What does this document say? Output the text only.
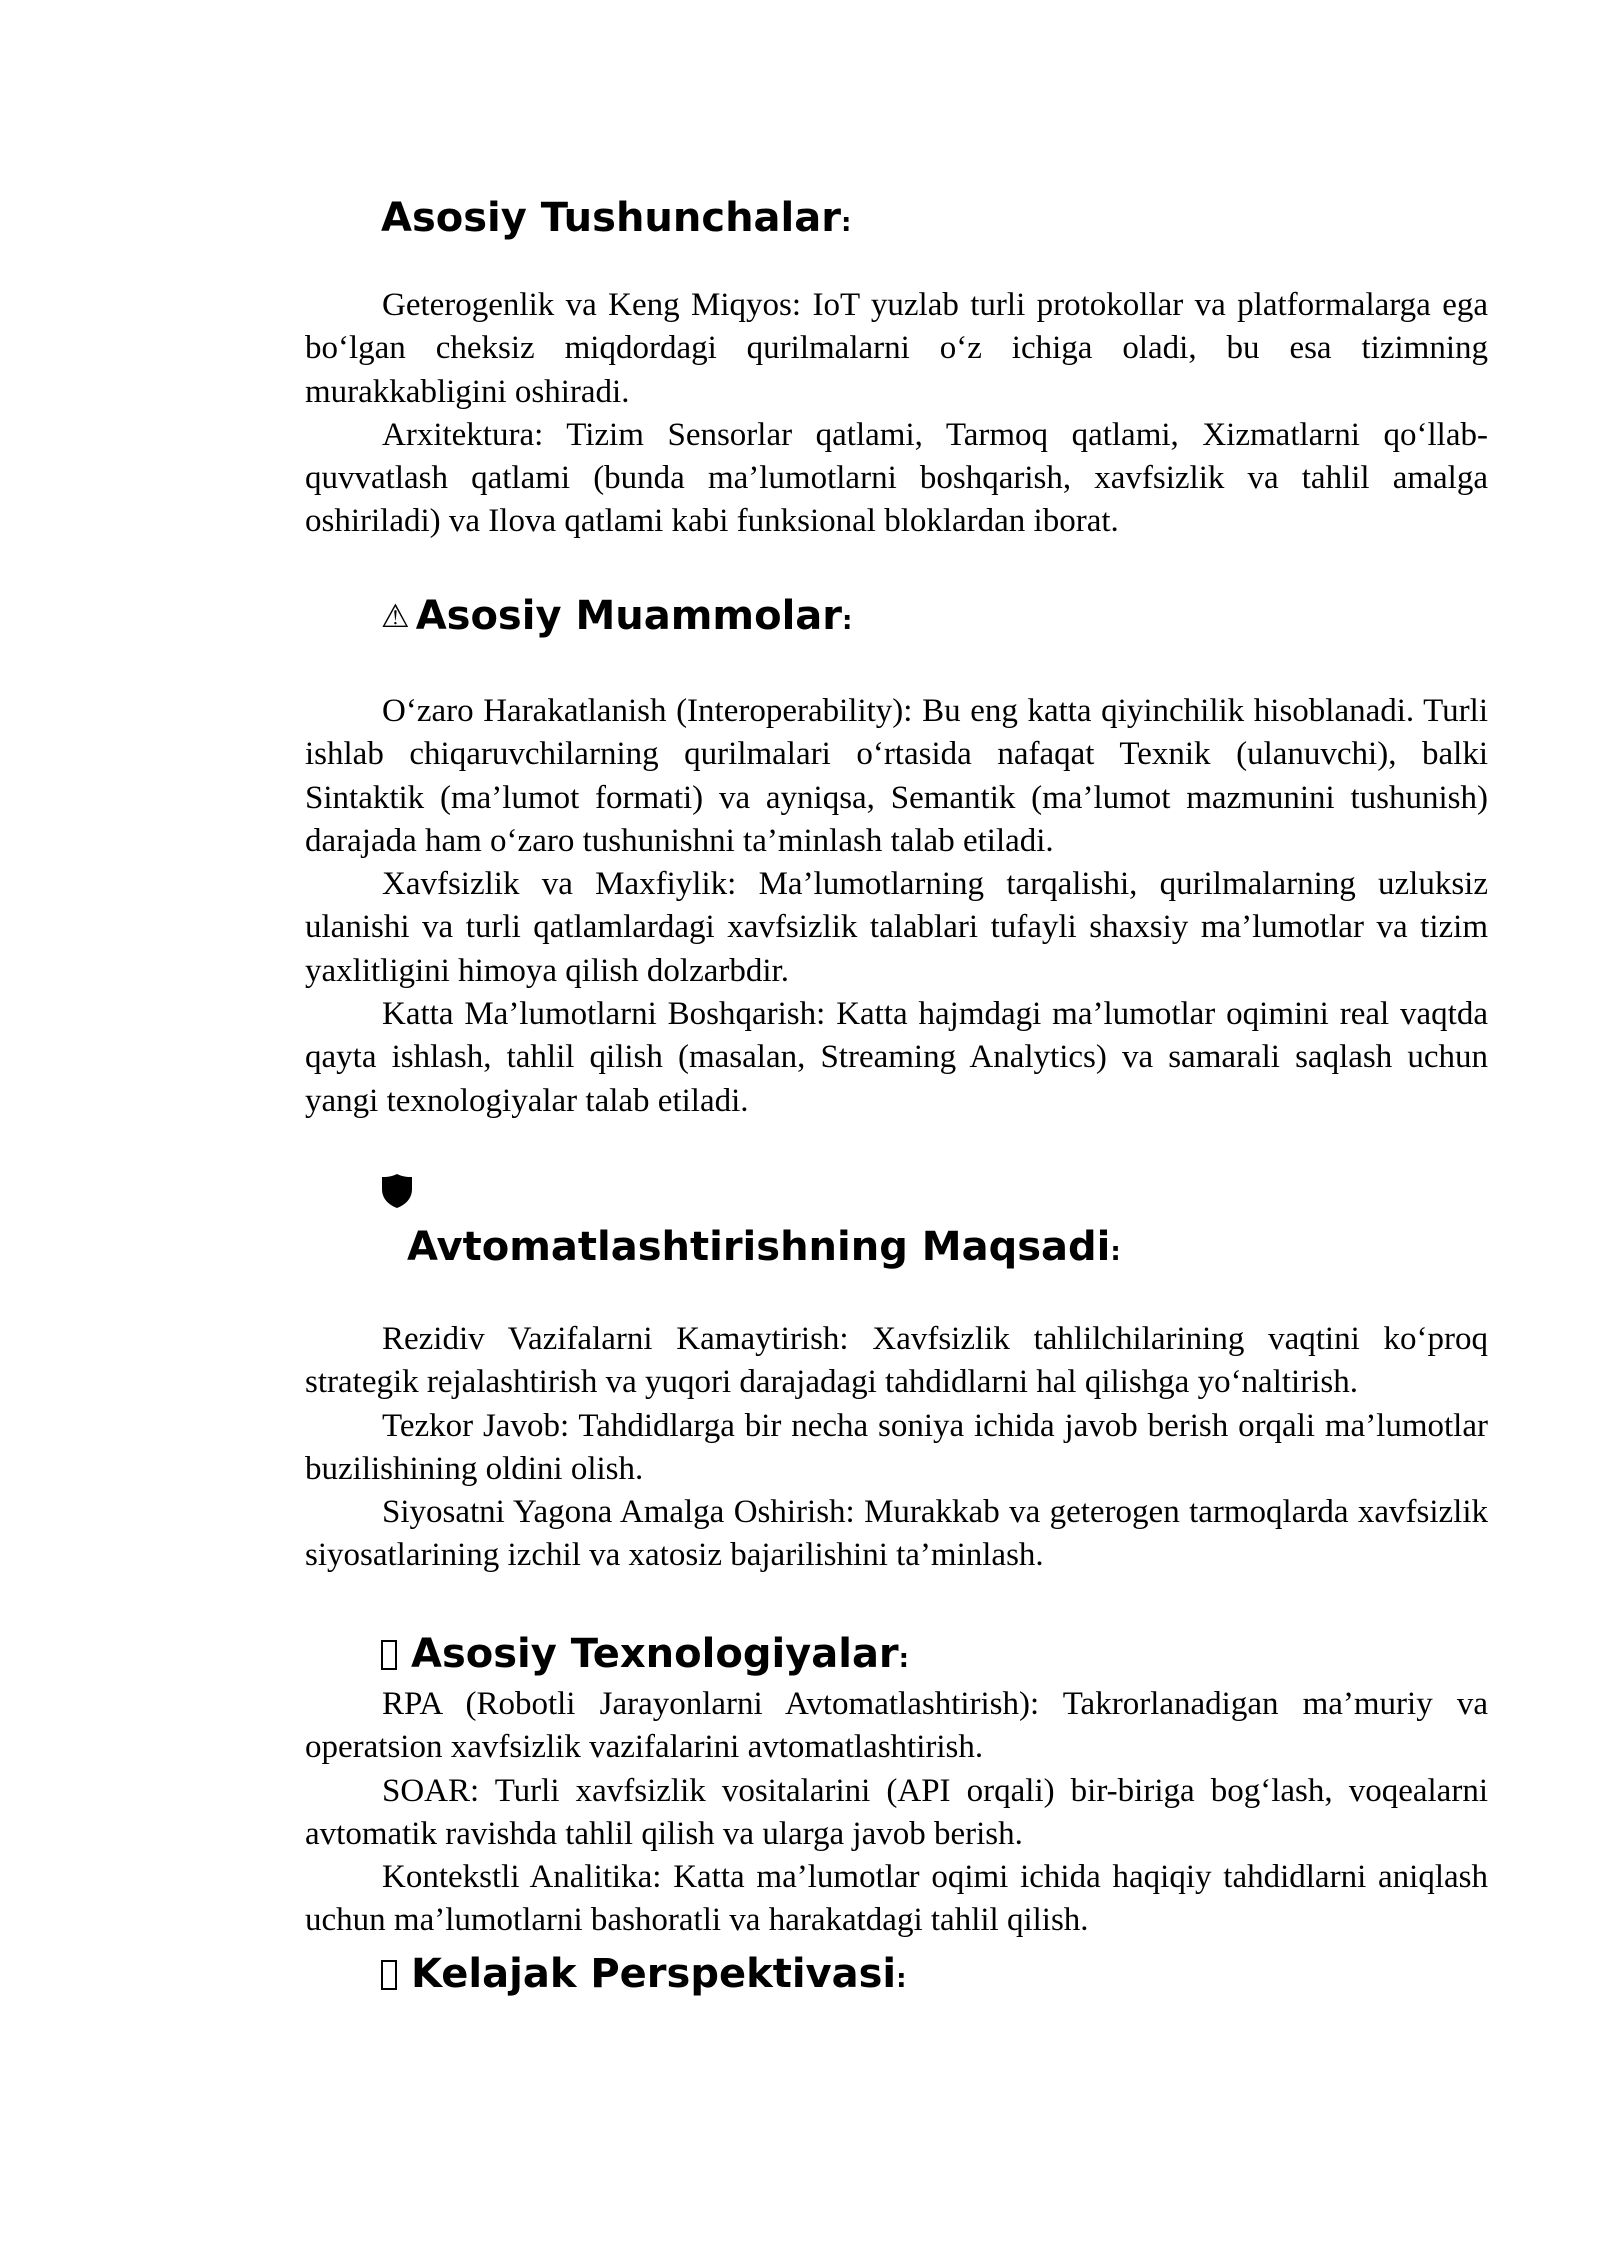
Asosiy Tushunchalar:

Geterogenlik va Keng Miqyos: IoT yuzlab turli protokollar va platformalarga ega bo‘lgan cheksiz miqdordagi qurilmalarni o‘z ichiga oladi, bu esa tizimning murakkabligini oshiradi.

Arxitektura: Tizim Sensorlar qatlami, Tarmoq qatlami, Xizmatlarni qo‘llab-quvvatlash qatlami (bunda ma’lumotlarni boshqarish, xavfsizlik va tahlil amalga oshiriladi) va Ilova qatlami kabi funksional bloklardan iborat.

⚠ Asosiy Muammolar:

O‘zaro Harakatlanish (Interoperability): Bu eng katta qiyinchilik hisoblanadi. Turli ishlab chiqaruvchilarning qurilmalari o‘rtasida nafaqat Texnik (ulanuvchi), balki Sintaktik (ma’lumot formati) va ayniqsa, Semantik (ma’lumot mazmunini tushunish) darajada ham o‘zaro tushunishni ta’minlash talab etiladi.

Xavfsizlik va Maxfiylik: Ma’lumotlarning tarqalishi, qurilmalarning uzluksiz ulanishi va turli qatlamlardagi xavfsizlik talablari tufayli shaxsiy ma’lumotlar va tizim yaxlitligini himoya qilish dolzarbdir.

Katta Ma’lumotlarni Boshqarish: Katta hajmdagi ma’lumotlar oqimini real vaqtda qayta ishlash, tahlil qilish (masalan, Streaming Analytics) va samarali saqlash uchun yangi texnologiyalar talab etiladi.

Avtomatlashtirishning Maqsadi:

Rezidiv Vazifalarni Kamaytirish: Xavfsizlik tahlilchilarining vaqtini ko‘proq strategik rejalashtirish va yuqori darajadagi tahdidlarni hal qilishga yo‘naltirish.

Tezkor Javob: Tahdidlarga bir necha soniya ichida javob berish orqali ma’lumotlar buzilishining oldini olish.

Siyosatni Yagona Amalga Oshirish: Murakkab va geterogen tarmoqlarda xavfsizlik siyosatlarining izchil va xatosiz bajarilishini ta’minlash.

Asosiy Texnologiyalar:

RPA (Robotli Jarayonlarni Avtomatlashtirish): Takrorlanadigan ma’muriy va operatsion xavfsizlik vazifalarini avtomatlashtirish.

SOAR: Turli xavfsizlik vositalarini (API orqali) bir-biriga bog‘lash, voqealarni avtomatik ravishda tahlil qilish va ularga javob berish.

Kontekstli Analitika: Katta ma’lumotlar oqimi ichida haqiqiy tahdidlarni aniqlash uchun ma’lumotlarni bashoratli va harakatdagi tahlil qilish.

Kelajak Perspektivasi:
